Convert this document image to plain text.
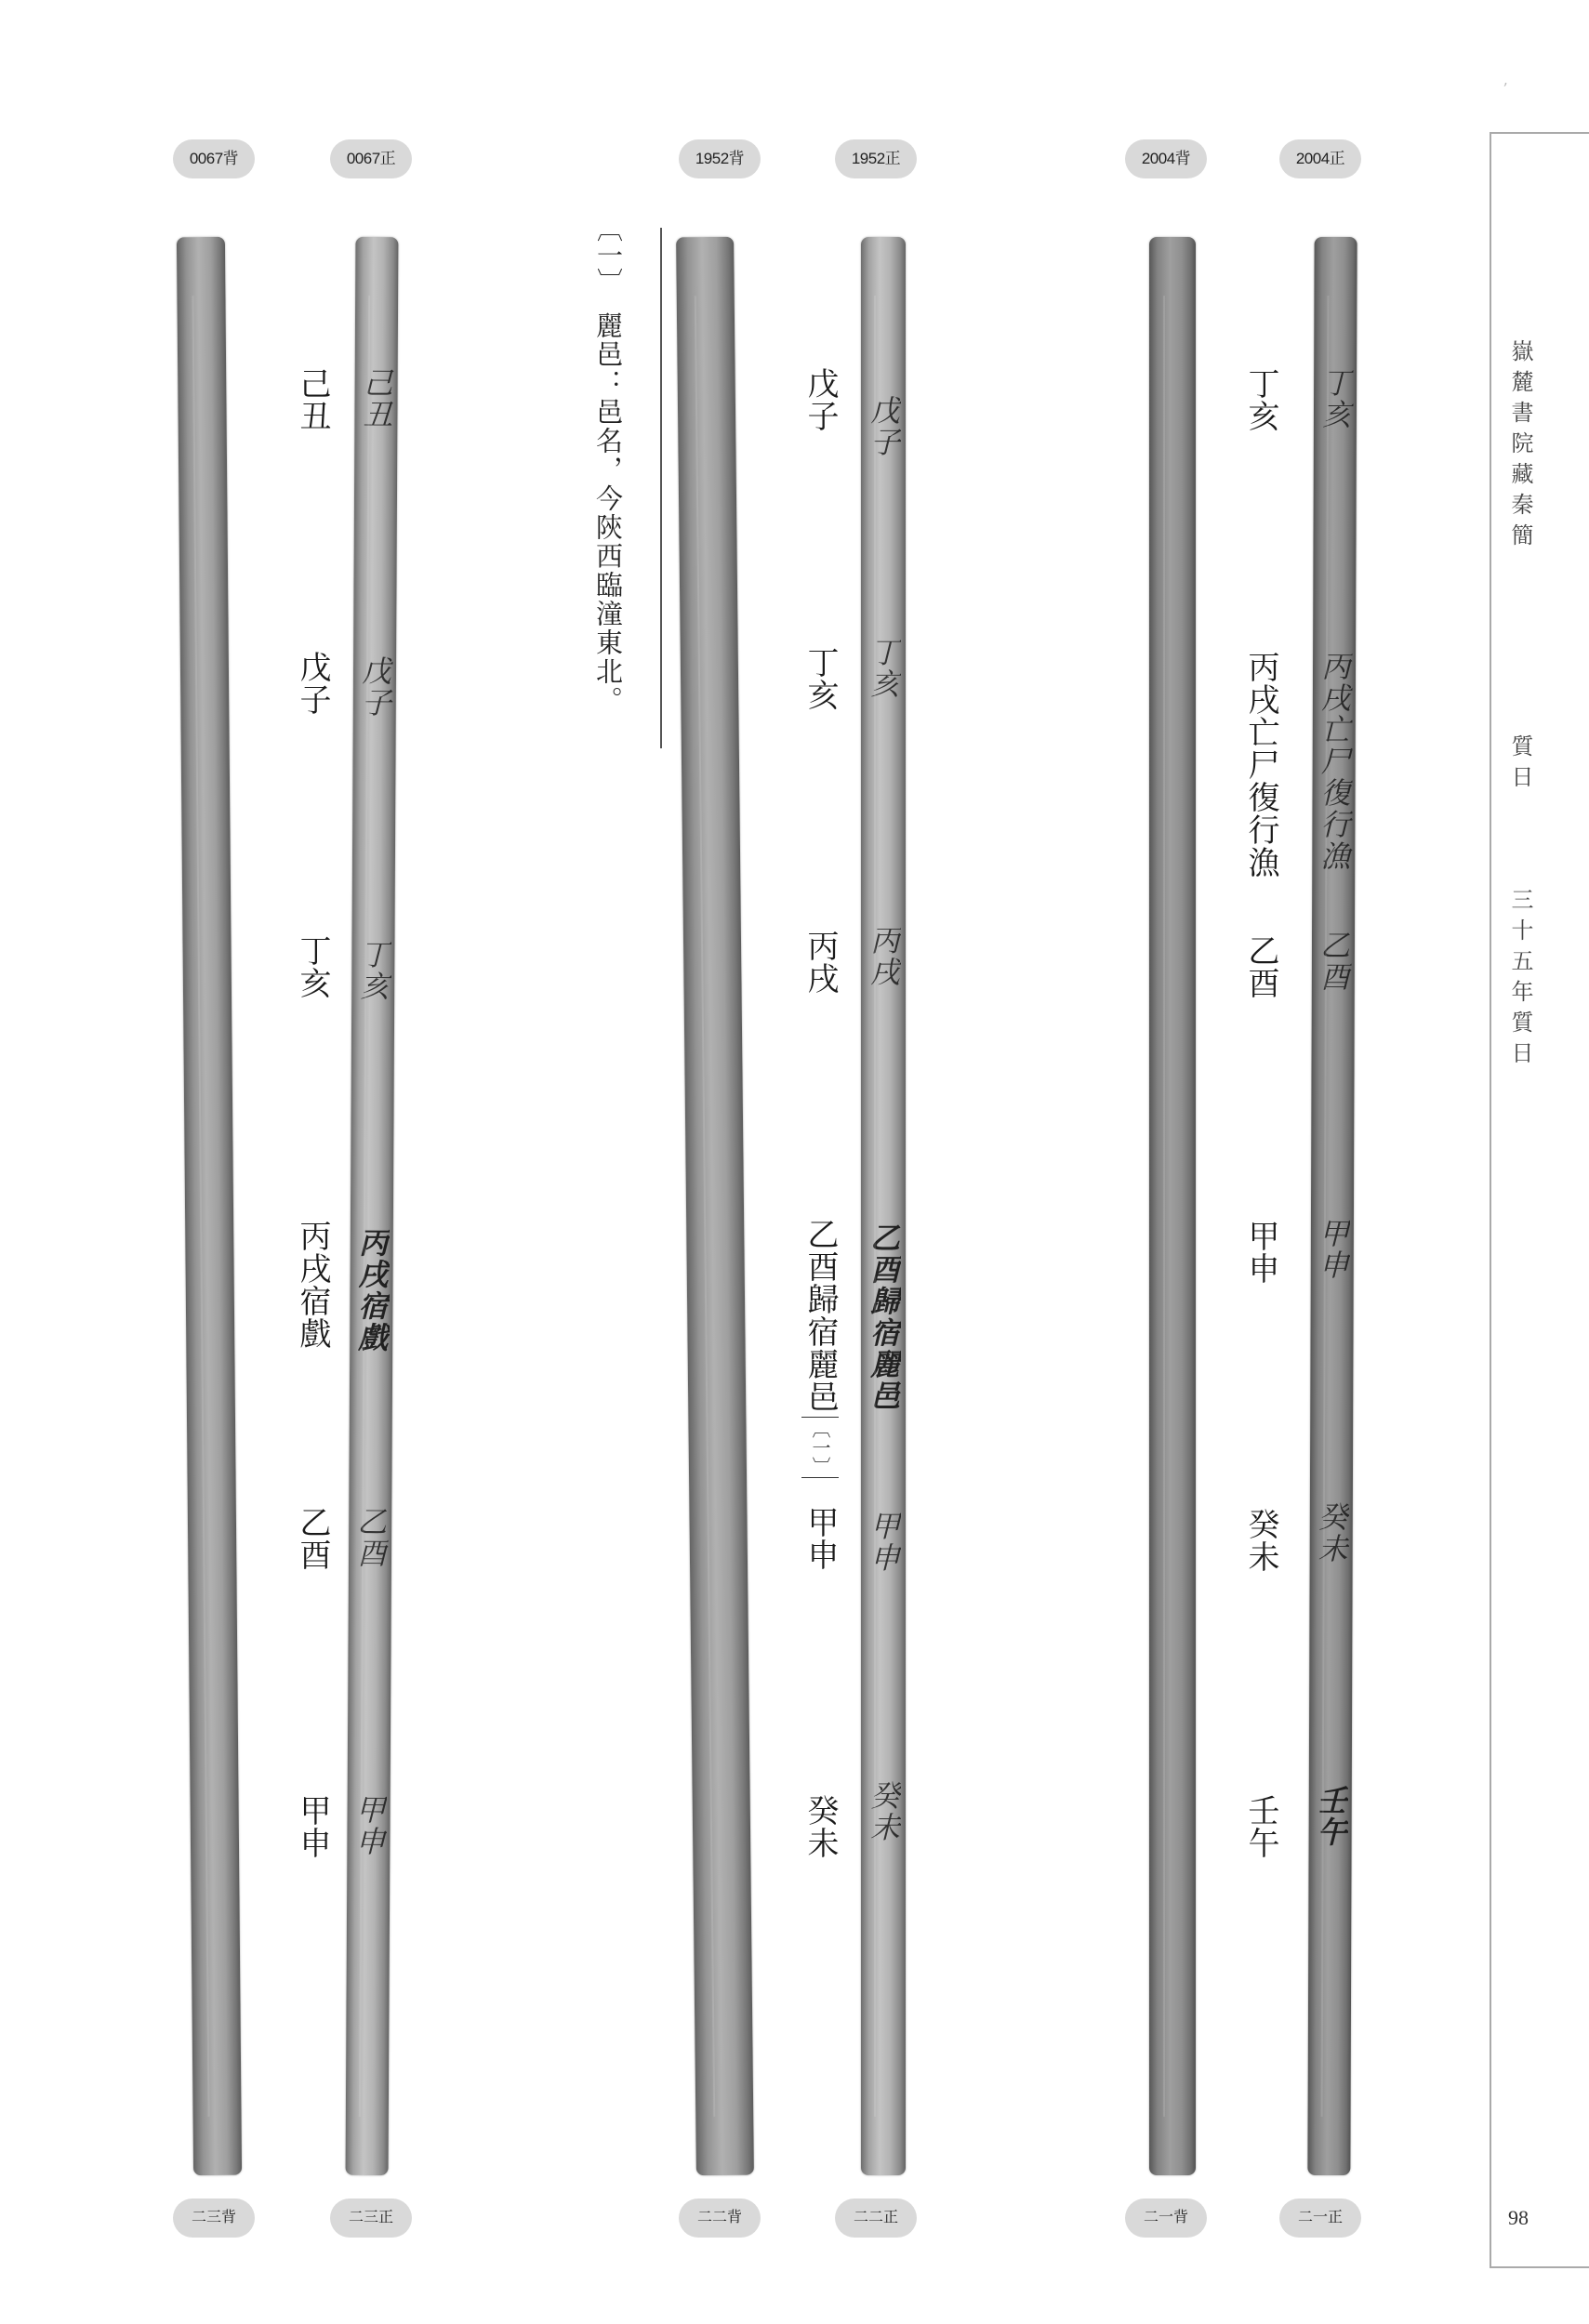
0067背	0067正	1952背	1952正	2004背	2004正
己丑
戊子
丁亥
丙戌宿戲
乙酉
甲申
戊子
丁亥
丙戌
乙酉歸宿麗邑
甲申
癸未
丁亥
丙戌亡尸復行漁
乙酉
甲申
癸未
壬午
己丑
戊子
丁亥
丙戌宿戲
乙酉
甲申
戊子
丁亥
丙戌
乙酉歸宿麗邑〔一〕
甲申
癸未
丁亥
丙戌亡尸復行漁
乙酉
甲申
癸未
壬午
〔一〕
麗邑：邑名，今陝西臨潼東北。
二三背	二三正	二二背	二二正	二一背	二一正
嶽麓書院藏秦簡
質日
三十五年質日
98
ʼ
